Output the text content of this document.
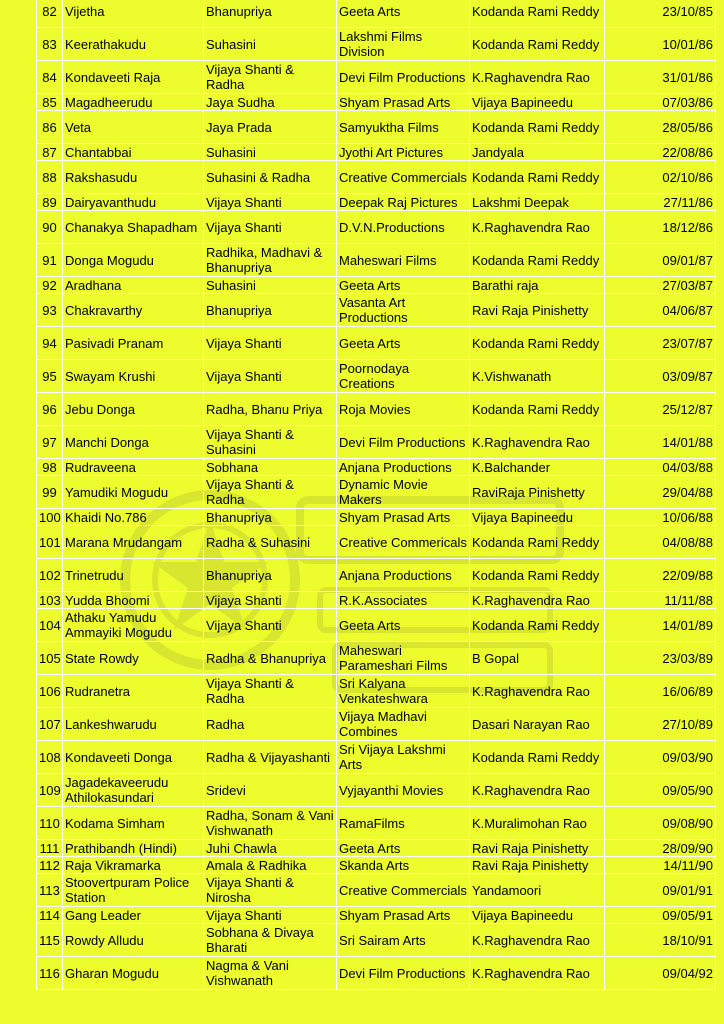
82	Vijetha	Bhanupriya	Geeta Arts	Kodanda Rami Reddy	23/10/85
83	Keerathakudu	Suhasini	Lakshmi Films Division	Kodanda Rami Reddy	10/01/86
84	Kondaveeti Raja	Vijaya Shanti & Radha	Devi Film Productions	K.Raghavendra Rao	31/01/86
85	Magadheerudu	Jaya Sudha	Shyam Prasad Arts	Vijaya Bapineedu	07/03/86
86	Veta	Jaya Prada	Samyuktha Films	Kodanda Rami Reddy	28/05/86
87	Chantabbai	Suhasini	Jyothi Art Pictures	Jandyala	22/08/86
88	Rakshasudu	Suhasini & Radha	Creative Commercials	Kodanda Rami Reddy	02/10/86
89	Dairyavanthudu	Vijaya Shanti	Deepak Raj Pictures	Lakshmi Deepak	27/11/86
90	Chanakya Shapadham	Vijaya Shanti	D.V.N.Productions	K.Raghavendra Rao	18/12/86
91	Donga Mogudu	Radhika, Madhavi & Bhanupriya	Maheswari Films	Kodanda Rami Reddy	09/01/87
92	Aradhana	Suhasini	Geeta Arts	Barathi raja	27/03/87
93	Chakravarthy	Bhanupriya	Vasanta Art Productions	Ravi Raja Pinishetty	04/06/87
94	Pasivadi Pranam	Vijaya Shanti	Geeta Arts	Kodanda Rami Reddy	23/07/87
95	Swayam Krushi	Vijaya Shanti	Poornodaya Creations	K.Vishwanath	03/09/87
96	Jebu Donga	Radha, Bhanu Priya	Roja Movies	Kodanda Rami Reddy	25/12/87
97	Manchi Donga	Vijaya Shanti & Suhasini	Devi Film Productions	K.Raghavendra Rao	14/01/88
98	Rudraveena	Sobhana	Anjana Productions	K.Balchander	04/03/88
99	Yamudiki Mogudu	Vijaya Shanti & Radha	Dynamic Movie Makers	RaviRaja Pinishetty	29/04/88
100	Khaidi No.786	Bhanupriya	Shyam Prasad Arts	Vijaya Bapineedu	10/06/88
101	Marana Mrudangam	Radha & Suhasini	Creative Commericals	Kodanda Rami Reddy	04/08/88
102	Trinetrudu	Bhanupriya	Anjana Productions	Kodanda Rami Reddy	22/09/88
103	Yudda Bhoomi	Vijaya Shanti	R.K.Associates	K.Raghavendra Rao	11/11/88
104	Athaku Yamudu Ammayiki Mogudu	Vijaya Shanti	Geeta Arts	Kodanda Rami Reddy	14/01/89
105	State Rowdy	Radha & Bhanupriya	Maheswari Parameshari Films	B Gopal	23/03/89
106	Rudranetra	Vijaya Shanti & Radha	Sri Kalyana Venkateshwara	K.Raghavendra Rao	16/06/89
107	Lankeshwarudu	Radha	Vijaya Madhavi Combines	Dasari Narayan Rao	27/10/89
108	Kondaveeti Donga	Radha & Vijayashanti	Sri Vijaya Lakshmi Arts	Kodanda Rami Reddy	09/03/90
109	Jagadekaveerudu Athilokasundari	Sridevi	Vyjayanthi Movies	K.Raghavendra Rao	09/05/90
110	Kodama Simham	Radha, Sonam & Vani Vishwanath	RamaFilms	K.Muralimohan Rao	09/08/90
111	Prathibandh (Hindi)	Juhi Chawla	Geeta Arts	Ravi Raja Pinishetty	28/09/90
112	Raja Vikramarka	Amala & Radhika	Skanda Arts	Ravi Raja Pinishetty	14/11/90
113	Stoovertpuram Police Station	Vijaya Shanti & Nirosha	Creative Commercials	Yandamoori	09/01/91
114	Gang Leader	Vijaya Shanti	Shyam Prasad Arts	Vijaya Bapineedu	09/05/91
115	Rowdy Alludu	Sobhana & Divaya Bharati	Sri Sairam Arts	K.Raghavendra Rao	18/10/91
116	Gharan Mogudu	Nagma & Vani Vishwanath	Devi Film Productions	K.Raghavendra Rao	09/04/92
